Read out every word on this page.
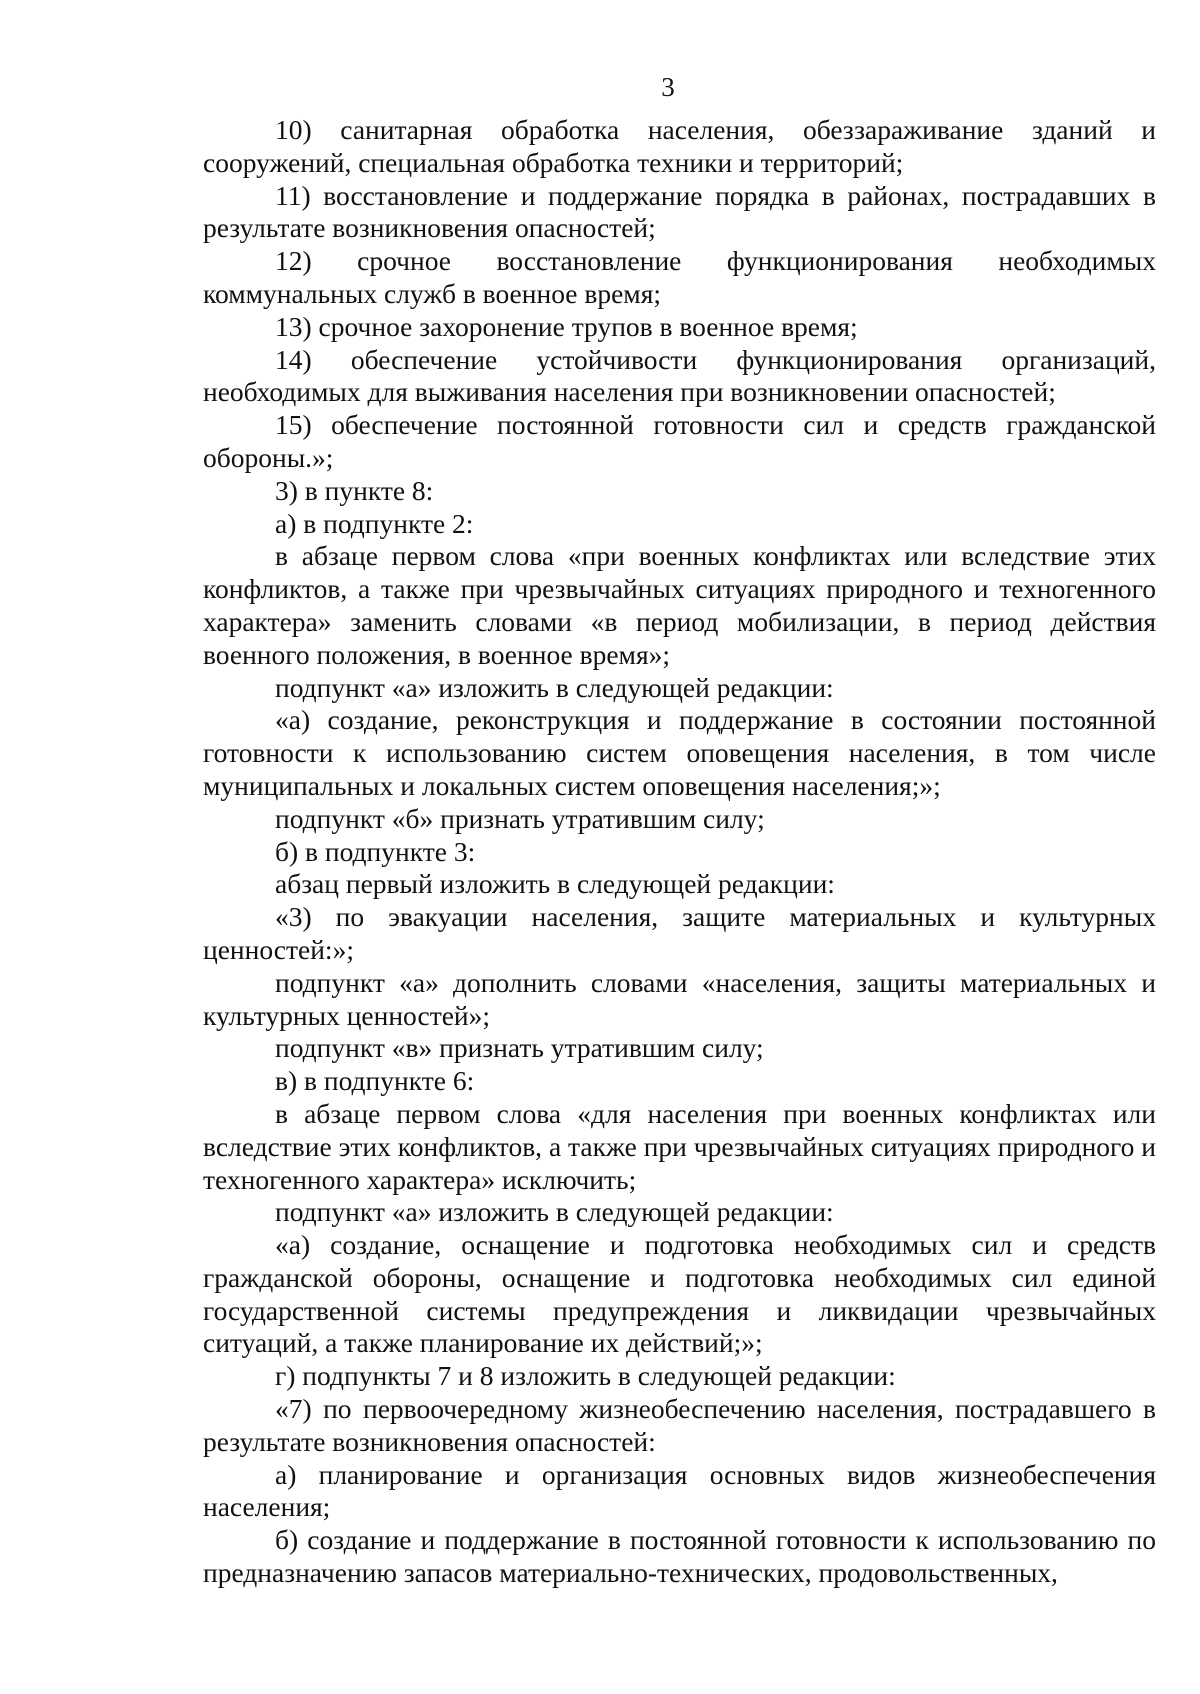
3

10) санитарная обработка населения, обеззараживание зданий и сооружений, специальная обработка техники и территорий;

11) восстановление и поддержание порядка в районах, пострадавших в результате возникновения опасностей;

12) срочное восстановление функционирования необходимых коммунальных служб в военное время;

13) срочное захоронение трупов в военное время;

14) обеспечение устойчивости функционирования организаций, необходимых для выживания населения при возникновении опасностей;

15) обеспечение постоянной готовности сил и средств гражданской обороны.»;

3) в пункте 8:

а) в подпункте 2:

в абзаце первом слова «при военных конфликтах или вследствие этих конфликтов, а также при чрезвычайных ситуациях природного и техногенного характера» заменить словами «в период мобилизации, в период действия военного положения, в военное время»;

подпункт «а» изложить в следующей редакции:

«а) создание, реконструкция и поддержание в состоянии постоянной готовности к использованию систем оповещения населения, в том числе муниципальных и локальных систем оповещения населения;»;

подпункт «б» признать утратившим силу;

б) в подпункте 3:

абзац первый изложить в следующей редакции:

«3) по эвакуации населения, защите материальных и культурных ценностей:»;

подпункт «а» дополнить словами «населения, защиты материальных и культурных ценностей»;

подпункт «в» признать утратившим силу;

в) в подпункте 6:

в абзаце первом слова «для населения при военных конфликтах или вследствие этих конфликтов, а также при чрезвычайных ситуациях природного и техногенного характера» исключить;

подпункт «а» изложить в следующей редакции:

«а) создание, оснащение и подготовка необходимых сил и средств гражданской обороны, оснащение и подготовка необходимых сил единой государственной системы предупреждения и ликвидации чрезвычайных ситуаций, а также планирование их действий;»;

г) подпункты 7 и 8 изложить в следующей редакции:

«7) по первоочередному жизнеобеспечению населения, пострадавшего в результате возникновения опасностей:

а) планирование и организация основных видов жизнеобеспечения населения;

б) создание и поддержание в постоянной готовности к использованию по предназначению запасов материально-технических, продовольственных,
